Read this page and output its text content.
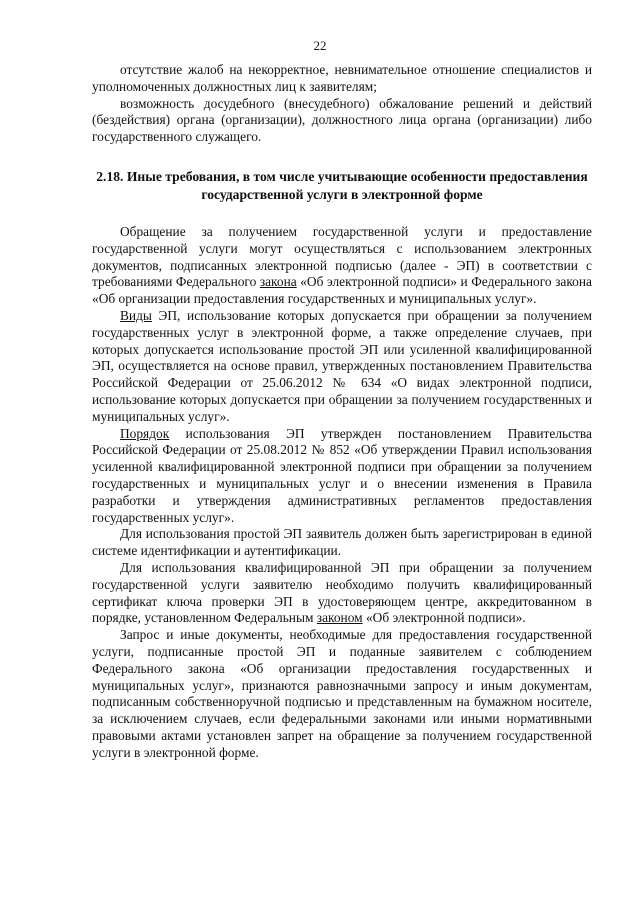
22

отсутствие жалоб на некорректное, невнимательное отношение специалистов и уполномоченных должностных лиц к заявителям;

возможность досудебного (внесудебного) обжалование решений и действий (бездействия) органа (организации), должностного лица органа (организации) либо государственного служащего.

2.18. Иные требования, в том числе учитывающие особенности предоставления государственной услуги в электронной форме

Обращение за получением государственной услуги и предоставление государственной услуги могут осуществляться с использованием электронных документов, подписанных электронной подписью (далее - ЭП) в соответствии с требованиями Федерального закона «Об электронной подписи» и Федерального закона «Об организации предоставления государственных и муниципальных услуг».

Виды ЭП, использование которых допускается при обращении за получением государственных услуг в электронной форме, а также определение случаев, при которых допускается использование простой ЭП или усиленной квалифицированной ЭП, осуществляется на основе правил, утвержденных постановлением Правительства Российской Федерации от 25.06.2012 № 634 «О видах электронной подписи, использование которых допускается при обращении за получением государственных и муниципальных услуг».

Порядок использования ЭП утвержден постановлением Правительства Российской Федерации от 25.08.2012 № 852 «Об утверждении Правил использования усиленной квалифицированной электронной подписи при обращении за получением государственных и муниципальных услуг и о внесении изменения в Правила разработки и утверждения административных регламентов предоставления государственных услуг».

Для использования простой ЭП заявитель должен быть зарегистрирован в единой системе идентификации и аутентификации.

Для использования квалифицированной ЭП при обращении за получением государственной услуги заявителю необходимо получить квалифицированный сертификат ключа проверки ЭП в удостоверяющем центре, аккредитованном в порядке, установленном Федеральным законом «Об электронной подписи».

Запрос и иные документы, необходимые для предоставления государственной услуги, подписанные простой ЭП и поданные заявителем с соблюдением Федерального закона «Об организации предоставления государственных и муниципальных услуг», признаются равнозначными запросу и иным документам, подписанным собственноручной подписью и представленным на бумажном носителе, за исключением случаев, если федеральными законами или иными нормативными правовыми актами установлен запрет на обращение за получением государственной услуги в электронной форме.
